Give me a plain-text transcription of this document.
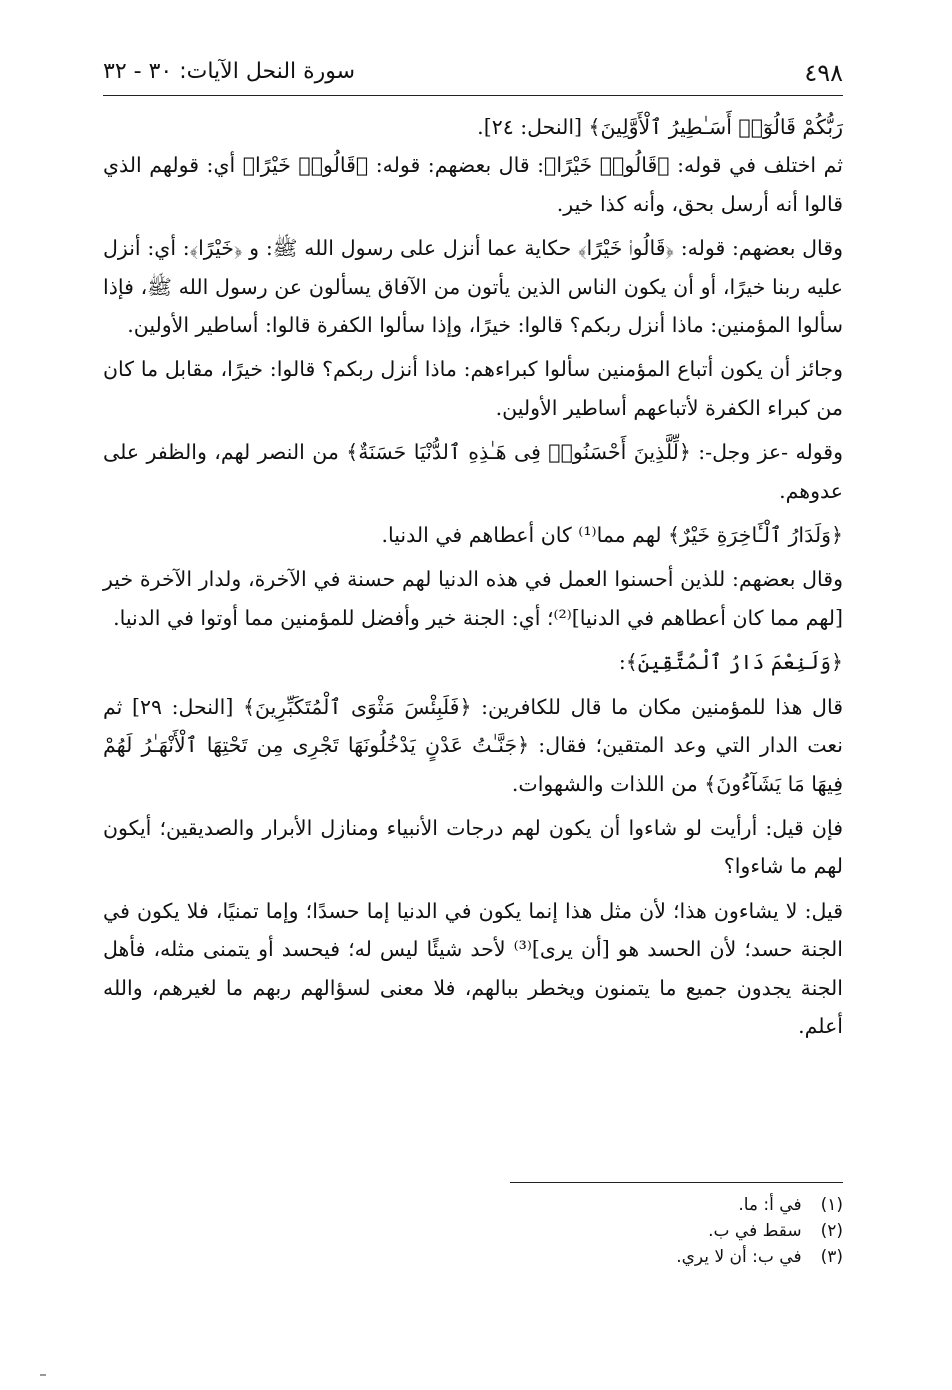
٤٩٨
سورة النحل الآيات: ٣٠ - ٣٢

رَبُّكُمْ قَالُوٓا۟ أَسَـٰطِيرُ ٱلْأَوَّلِينَ﴾ [النحل: ٢٤].

ثم اختلف في قوله: ﴿قَالُوا۟ خَيْرًا﴾: قال بعضهم: قوله: ﴿قَالُوا۟ خَيْرًا﴾ أي: قولهم الذي قالوا أنه أرسل بحق، وأنه كذا خير.

وقال بعضهم: قوله: ﴿قَالُوا۟ خَيْرًا﴾ حكاية عما أنزل على رسول الله ﷺ: و ﴿خَيْرًا﴾: أي: أنزل عليه ربنا خيرًا، أو أن يكون الناس الذين يأتون من الآفاق يسألون عن رسول الله ﷺ، فإذا سألوا المؤمنين: ماذا أنزل ربكم؟ قالوا: خيرًا، وإذا سألوا الكفرة قالوا: أساطير الأولين.

وجائز أن يكون أتباع المؤمنين سألوا كبراءهم: ماذا أنزل ربكم؟ قالوا: خيرًا، مقابل ما كان من كبراء الكفرة لأتباعهم أساطير الأولين.

وقوله -عز وجل-: ﴿لِّلَّذِينَ أَحْسَنُوا۟ فِى هَـٰذِهِ ٱلدُّنْيَا حَسَنَةٌ﴾ من النصر لهم، والظفر على عدوهم.

﴿وَلَدَارُ ٱلْـَٔاخِرَةِ خَيْرٌ﴾ لهم مما⁽¹⁾ كان أعطاهم في الدنيا.

وقال بعضهم: للذين أحسنوا العمل في هذه الدنيا لهم حسنة في الآخرة، ولدار الآخرة خير [لهم مما كان أعطاهم في الدنيا]⁽²⁾؛ أي: الجنة خير وأفضل للمؤمنين مما أوتوا في الدنيا.

﴿وَلَنِعْمَ دَارُ ٱلْمُتَّقِينَ﴾:

قال هذا للمؤمنين مكان ما قال للكافرين: ﴿فَلَبِئْسَ مَثْوَى ٱلْمُتَكَبِّرِينَ﴾ [النحل: ٢٩] ثم نعت الدار التي وعد المتقين؛ فقال: ﴿جَنَّـٰتُ عَدْنٍ يَدْخُلُونَهَا تَجْرِى مِن تَحْتِهَا ٱلْأَنْهَـٰرُ لَهُمْ فِيهَا مَا يَشَآءُونَ﴾ من اللذات والشهوات.

فإن قيل: أرأيت لو شاءوا أن يكون لهم درجات الأنبياء ومنازل الأبرار والصديقين؛ أيكون لهم ما شاءوا؟

قيل: لا يشاءون هذا؛ لأن مثل هذا إنما يكون في الدنيا إما حسدًا؛ وإما تمنيًا، فلا يكون في الجنة حسد؛ لأن الحسد هو [أن يرى]⁽³⁾ لأحد شيئًا ليس له؛ فيحسد أو يتمنى مثله، فأهل الجنة يجدون جميع ما يتمنون ويخطر ببالهم، فلا معنى لسؤالهم ربهم ما لغيرهم، والله أعلم.

(١) في أ: ما.
(٢) سقط في ب.
(٣) في ب: أن لا يري.
